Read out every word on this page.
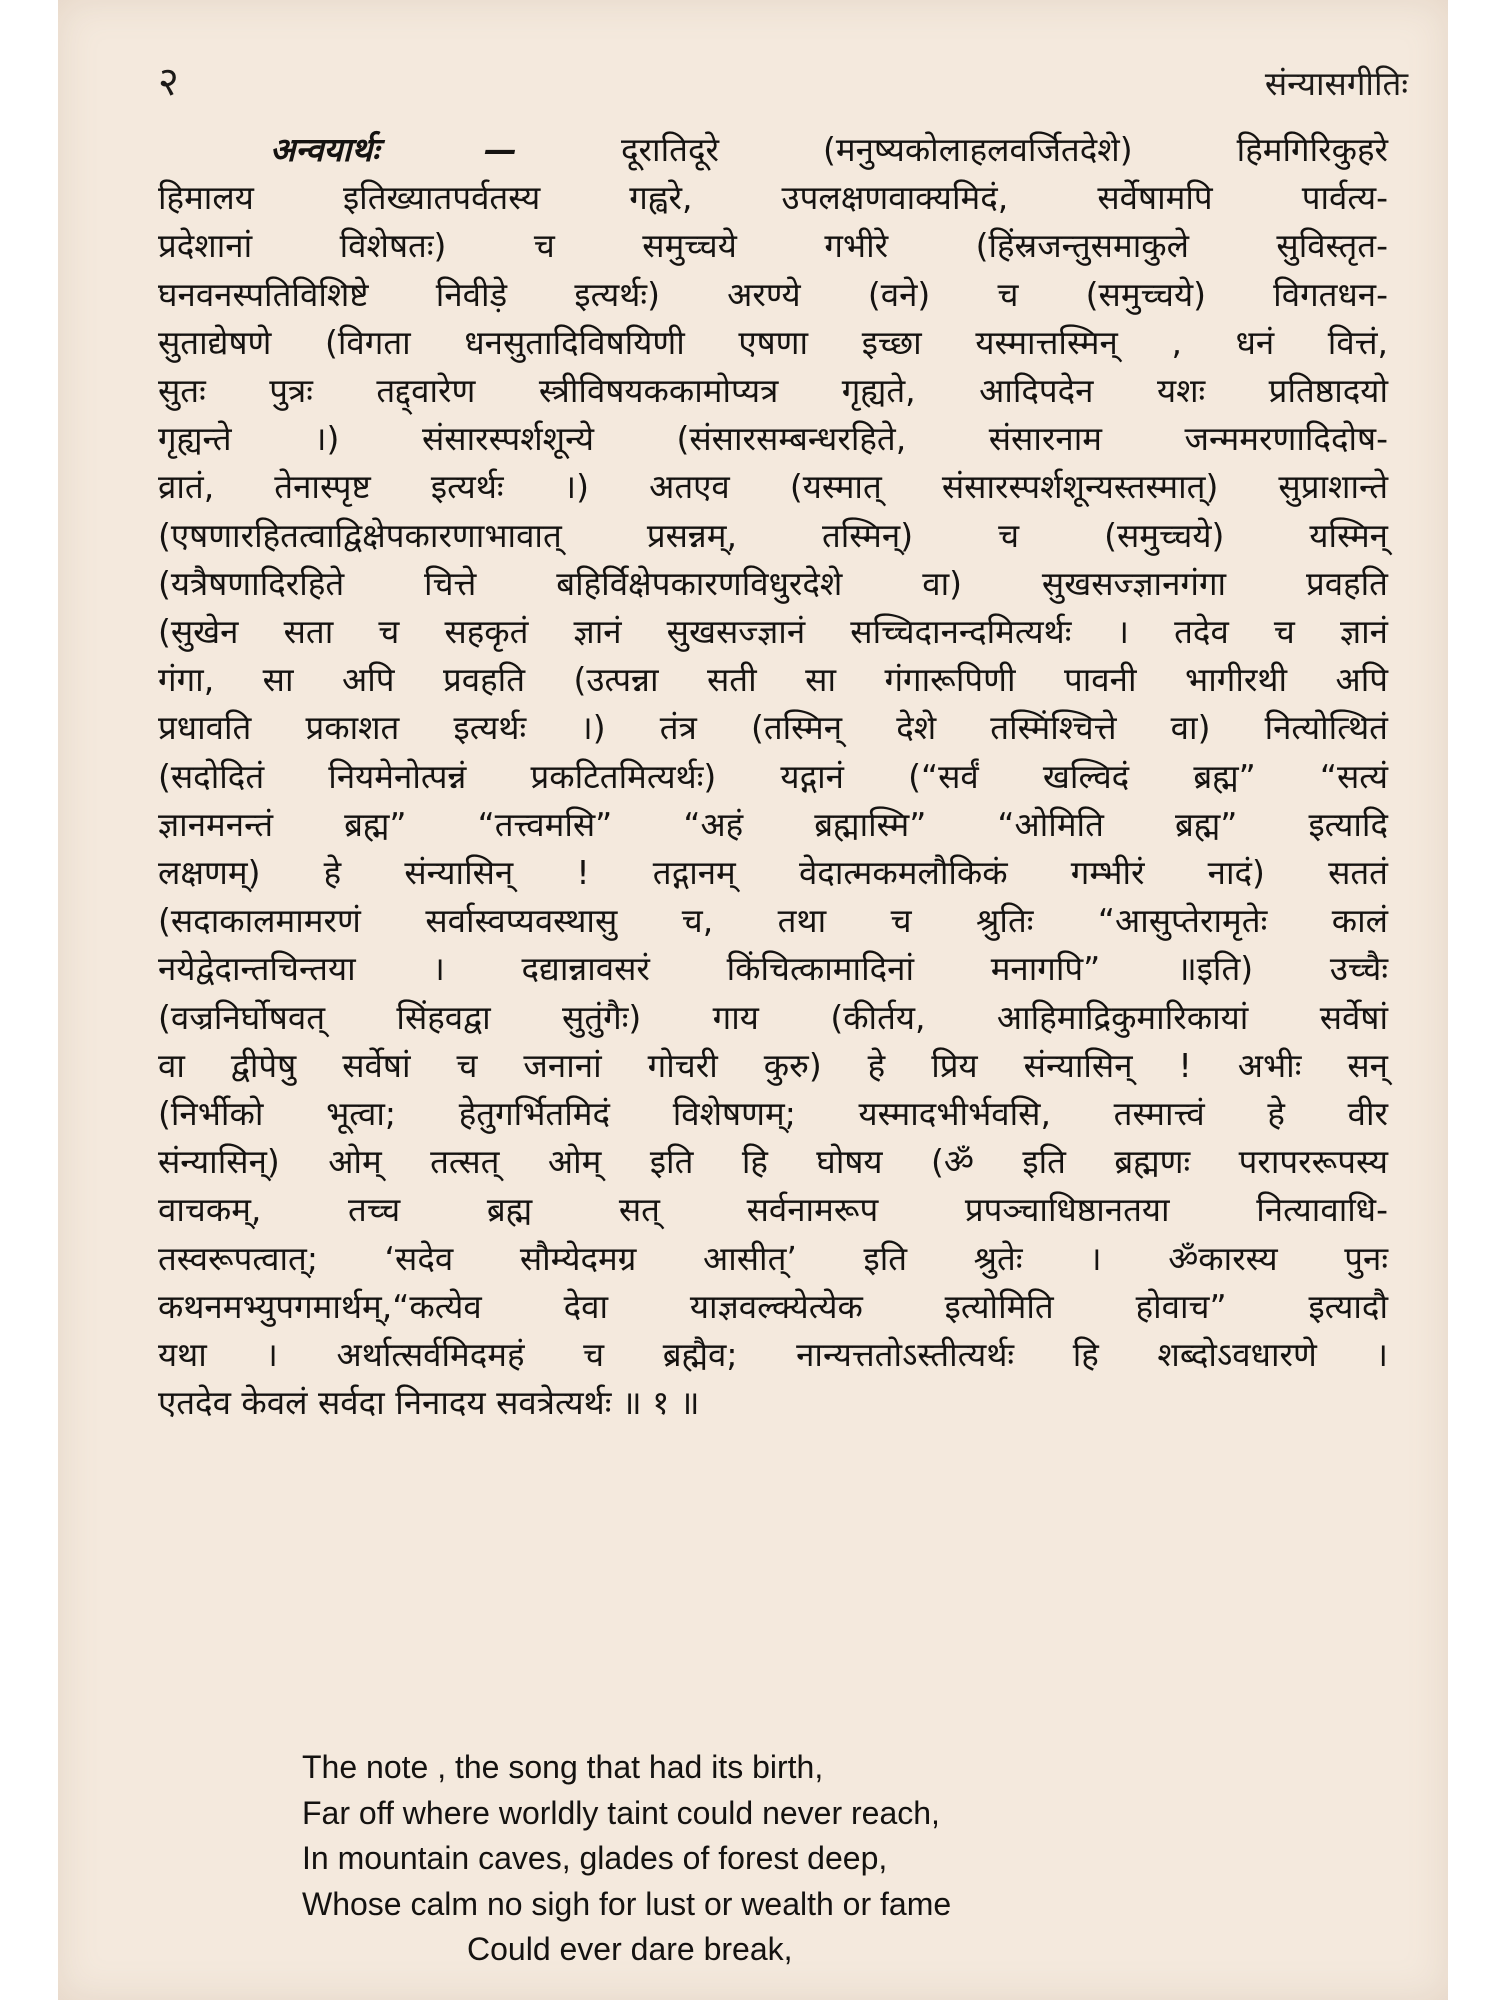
२	संन्यासगीतिः
अन्वयार्थः — दूरातिदूरे (मनुष्यकोलाहलवर्जितदेशे) हिमगिरिकुहरे
हिमालय इतिख्यातपर्वतस्य गह्वरे, उपलक्षणवाक्यमिदं, सर्वेषामपि पार्वत्य-
प्रदेशानां विशेषतः) च समुच्चये गभीरे (हिंस्रजन्तुसमाकुले सुविस्तृत-
घनवनस्पतिविशिष्टे निवीड़े इत्यर्थः) अरण्ये (वने) च (समुच्चये) विगतधन-
सुताद्येषणे (विगता धनसुतादिविषयिणी एषणा इच्छा यस्मात्तस्मिन् , धनं वित्तं,
सुतः पुत्रः तद्द्वारेण स्त्रीविषयककामोप्यत्र गृह्यते, आदिपदेन यशः प्रतिष्ठादयो
गृह्यन्ते ।) संसारस्पर्शशून्ये (संसारसम्बन्धरहिते, संसारनाम जन्ममरणादिदोष-
व्रातं, तेनास्पृष्ट इत्यर्थः ।) अतएव (यस्मात् संसारस्पर्शशून्यस्तस्मात्) सुप्राशान्ते
(एषणारहितत्वाद्विक्षेपकारणाभावात् प्रसन्नम्, तस्मिन्) च (समुच्चये) यस्मिन्
(यत्रैषणादिरहिते चित्ते बहिर्विक्षेपकारणविधुरदेशे वा) सुखसज्ज्ञानगंगा प्रवहति
(सुखेन सता च सहकृतं ज्ञानं सुखसज्ज्ञानं सच्चिदानन्दमित्यर्थः । तदेव च ज्ञानं
गंगा, सा अपि प्रवहति (उत्पन्ना सती सा गंगारूपिणी पावनी भागीरथी अपि
प्रधावति प्रकाशत इत्यर्थः ।) तंत्र (तस्मिन् देशे तस्मिंश्चित्ते वा) नित्योत्थितं
(सदोदितं नियमेनोत्पन्नं प्रकटितमित्यर्थः) यद्गानं (“सर्वं खल्विदं ब्रह्म” “सत्यं
ज्ञानमनन्तं ब्रह्म” “तत्त्वमसि” “अहं ब्रह्मास्मि” “ओमिति ब्रह्म” इत्यादि
लक्षणम्) हे संन्यासिन् ! तद्गानम् वेदात्मकमलौकिकं गम्भीरं नादं) सततं
(सदाकालमामरणं सर्वास्वप्यवस्थासु च, तथा च श्रुतिः “आसुप्तेरामृतेः कालं
नयेद्वेदान्तचिन्तया । दद्यान्नावसरं किंचित्कामादिनां मनागपि” ॥इति) उच्चैः
(वज्रनिर्घोषवत् सिंहवद्वा सुतुंगैः) गाय (कीर्तय, आहिमाद्रिकुमारिकायां सर्वेषां
वा द्वीपेषु सर्वेषां च जनानां गोचरी कुरु) हे प्रिय संन्यासिन् ! अभीः सन्
(निर्भीको भूत्वा; हेतुगर्भितमिदं विशेषणम्; यस्मादभीर्भवसि, तस्मात्त्वं हे वीर
संन्यासिन्) ओम् तत्सत् ओम् इति हि घोषय (ॐ इति ब्रह्मणः परापररूपस्य
वाचकम्, तच्च ब्रह्म सत् सर्वनामरूप प्रपञ्चाधिष्ठानतया नित्यावाधि-
तस्वरूपत्वात्; ‘सदेव सौम्येदमग्र आसीत्’ इति श्रुतेः । ॐकारस्य पुनः
कथनमभ्युपगमार्थम्,“कत्येव देवा याज्ञवल्क्येत्येक इत्योमिति होवाच” इत्यादौ
यथा । अर्थात्सर्वमिदमहं च ब्रह्मैव; नान्यत्ततोऽस्तीत्यर्थः हि शब्दोऽवधारणे ।
एतदेव केवलं सर्वदा निनादय सवत्रेत्यर्थः ॥ १ ॥
The note , the song that had its birth,
Far off where worldly taint could never reach,
In mountain caves, glades of forest deep,
Whose calm no sigh for lust or wealth or fame
Could ever dare break,
